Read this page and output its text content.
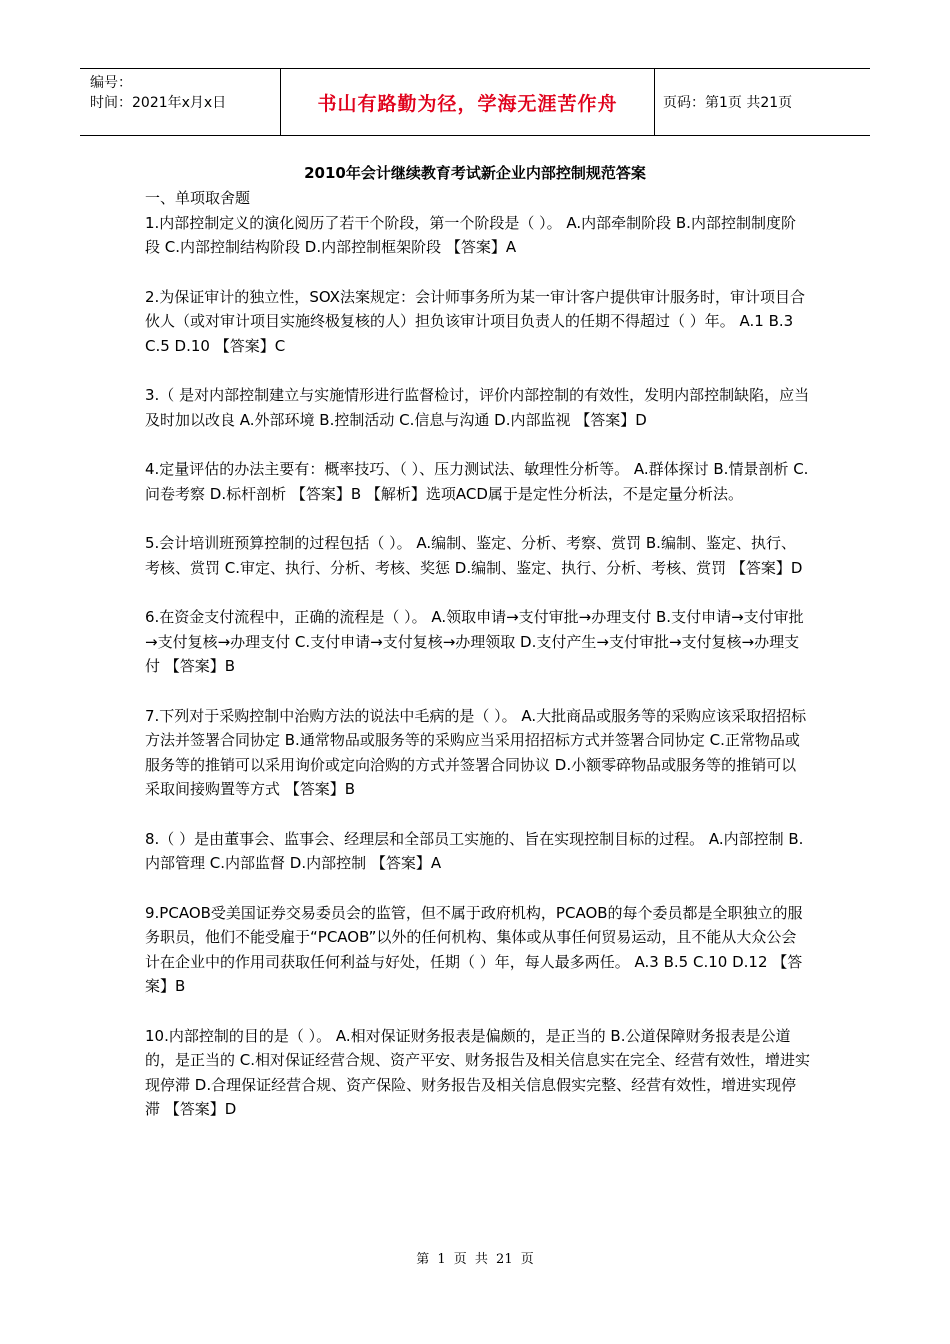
编号：
时间：2021年x月x日	书山有路勤为径，学海无涯苦作舟	页码：第1页 共21页
2010年会计继续教育考试新企业内部控制规范答案

一、单项取舍题

1.内部控制定义的演化阅历了若干个阶段，第一个阶段是（ ）。 A.内部牵制阶段 B.内部控制制度阶段 C.内部控制结构阶段 D.内部控制框架阶段 【答案】A

2.为保证审计的独立性，SOX法案规定：会计师事务所为某一审计客户提供审计服务时，审计项目合伙人（或对审计项目实施终极复核的人）担负该审计项目负责人的任期不得超过（ ）年。 A.1 B.3 C.5 D.10 【答案】C

3.（ 是对内部控制建立与实施情形进行监督检讨，评价内部控制的有效性，发明内部控制缺陷，应当及时加以改良 A.外部环境 B.控制活动 C.信息与沟通 D.内部监视 【答案】D

4.定量评估的办法主要有：概率技巧、（ ）、压力测试法、敏理性分析等。 A.群体探讨 B.情景剖析 C.问卷考察 D.标杆剖析 【答案】B 【解析】选项ACD属于是定性分析法，不是定量分析法。

5.会计培训班预算控制的过程包括（ ）。 A.编制、鉴定、分析、考察、赏罚 B.编制、鉴定、执行、考核、赏罚 C.审定、执行、分析、考核、奖惩 D.编制、鉴定、执行、分析、考核、赏罚 【答案】D

6.在资金支付流程中，正确的流程是（ ）。 A.领取申请→支付审批→办理支付 B.支付申请→支付审批→支付复核→办理支付 C.支付申请→支付复核→办理领取 D.支付产生→支付审批→支付复核→办理支付 【答案】B

7.下列对于采购控制中治购方法的说法中毛病的是（ ）。 A.大批商品或服务等的采购应该采取招招标方法并签署合同协定 B.通常物品或服务等的采购应当采用招招标方式并签署合同协定 C.正常物品或服务等的推销可以采用询价或定向洽购的方式并签署合同协议 D.小额零碎物品或服务等的推销可以采取间接购置等方式 【答案】B

8.（ ）是由董事会、监事会、经理层和全部员工实施的、旨在实现控制目标的过程。 A.内部控制 B.内部管理 C.内部监督 D.内部控制 【答案】A

9.PCAOB受美国证券交易委员会的监管，但不属于政府机构，PCAOB的每个委员都是全职独立的服务职员，他们不能受雇于“PCAOB”以外的任何机构、集体或从事任何贸易运动，且不能从大众公会计在企业中的作用司获取任何利益与好处，任期（ ）年，每人最多两任。 A.3 B.5 C.10 D.12 【答案】B

10.内部控制的目的是（ ）。 A.相对保证财务报表是偏颇的，是正当的 B.公道保障财务报表是公道的，是正当的 C.相对保证经营合规、资产平安、财务报告及相关信息实在完全、经营有效性，增进实现停滞 D.合理保证经营合规、资产保险、财务报告及相关信息假实完整、经营有效性，增进实现停滞 【答案】D

第 1 页 共 21 页
